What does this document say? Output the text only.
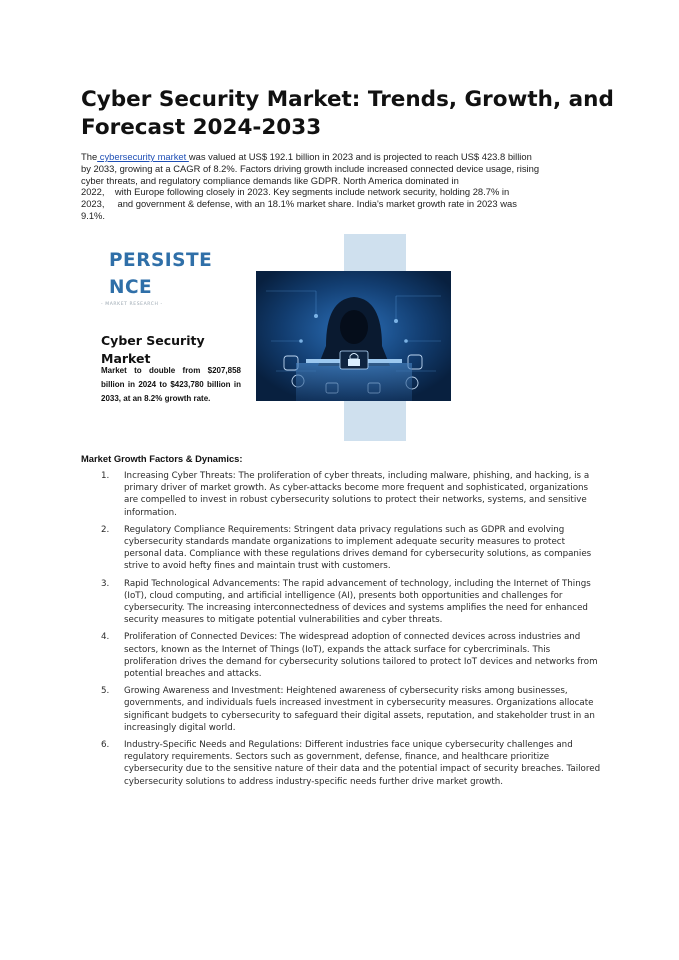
Cyber Security Market: Trends, Growth, and Forecast 2024-2033
The cybersecurity market was valued at US$ 192.1 billion in 2023 and is projected to reach US$ 423.8 billion
by 2033, growing at a CAGR of 8.2%. Factors driving growth include increased connected device usage, rising
cyber threats, and regulatory compliance demands like GDPR. North America dominated in
2022,    with Europe following closely in 2023. Key segments include network security, holding 28.7% in
2023,     and government & defense, with an 18.1% market share. India's market growth rate in 2023 was
9.1%.
PERSISTE
NCE
- MARKET RESEARCH -
Cyber Security Market
Market to double from $207,858 billion in 2024 to $423,780 billion in 2033, at an 8.2% growth rate.
Market Growth Factors & Dynamics:
1.	Increasing Cyber Threats: The proliferation of cyber threats, including malware, phishing, and hacking, is a primary driver of market growth. As cyber-attacks become more frequent and sophisticated, organizations are compelled to invest in robust cybersecurity solutions to protect their networks, systems, and sensitive information.
2.	Regulatory Compliance Requirements: Stringent data privacy regulations such as GDPR and evolving cybersecurity standards mandate organizations to implement adequate security measures to protect personal data. Compliance with these regulations drives demand for cybersecurity solutions, as companies strive to avoid hefty fines and maintain trust with customers.
3.	Rapid Technological Advancements: The rapid advancement of technology, including the Internet of Things (IoT), cloud computing, and artificial intelligence (AI), presents both opportunities and challenges for cybersecurity. The increasing interconnectedness of devices and systems amplifies the need for enhanced security measures to mitigate potential vulnerabilities and cyber threats.
4.	Proliferation of Connected Devices: The widespread adoption of connected devices across industries and sectors, known as the Internet of Things (IoT), expands the attack surface for cybercriminals. This proliferation drives the demand for cybersecurity solutions tailored to protect IoT devices and networks from potential breaches and attacks.
5.	Growing Awareness and Investment: Heightened awareness of cybersecurity risks among businesses, governments, and individuals fuels increased investment in cybersecurity measures. Organizations allocate significant budgets to cybersecurity to safeguard their digital assets, reputation, and stakeholder trust in an increasingly digital world.
6.	Industry-Specific Needs and Regulations: Different industries face unique cybersecurity challenges and regulatory requirements. Sectors such as government, defense, finance, and healthcare prioritize cybersecurity due to the sensitive nature of their data and the potential impact of security breaches. Tailored cybersecurity solutions to address industry-specific needs further drive market growth.
